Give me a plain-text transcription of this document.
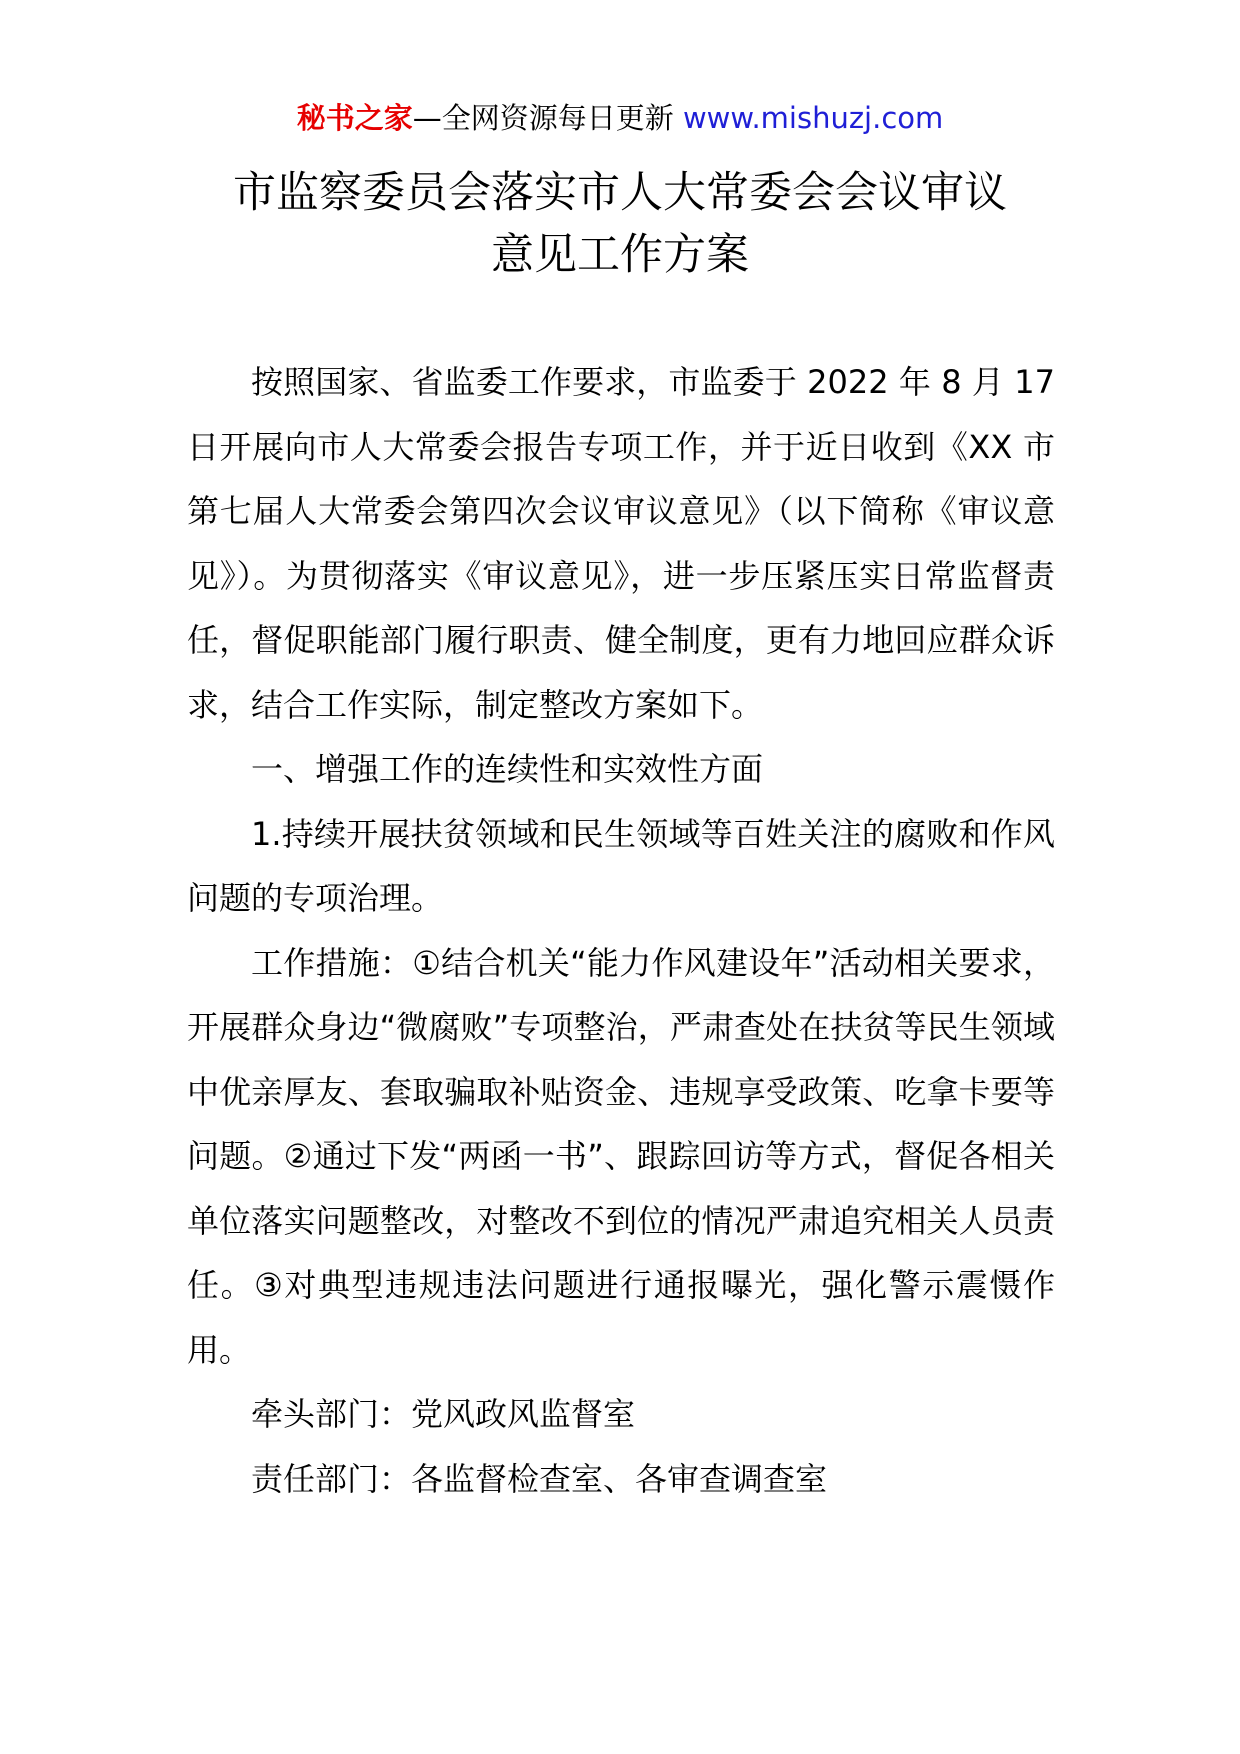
秘书之家—全网资源每日更新 www.mishuzj.com
市监察委员会落实市人大常委会会议审议
意见工作方案

按照国家、省监委工作要求，市监委于 2022 年 8 月 17 日开展向市人大常委会报告专项工作，并于近日收到《XX 市第七届人大常委会第四次会议审议意见》（以下简称《审议意见》）。为贯彻落实《审议意见》，进一步压紧压实日常监督责任，督促职能部门履行职责、健全制度，更有力地回应群众诉求，结合工作实际，制定整改方案如下。

一、增强工作的连续性和实效性方面

1.持续开展扶贫领域和民生领域等百姓关注的腐败和作风问题的专项治理。

工作措施：①结合机关“能力作风建设年”活动相关要求，开展群众身边“微腐败”专项整治，严肃查处在扶贫等民生领域中优亲厚友、套取骗取补贴资金、违规享受政策、吃拿卡要等问题。②通过下发“两函一书”、跟踪回访等方式，督促各相关单位落实问题整改，对整改不到位的情况严肃追究相关人员责任。③对典型违规违法问题进行通报曝光，强化警示震慑作用。

牵头部门：党风政风监督室

责任部门：各监督检查室、各审查调查室
